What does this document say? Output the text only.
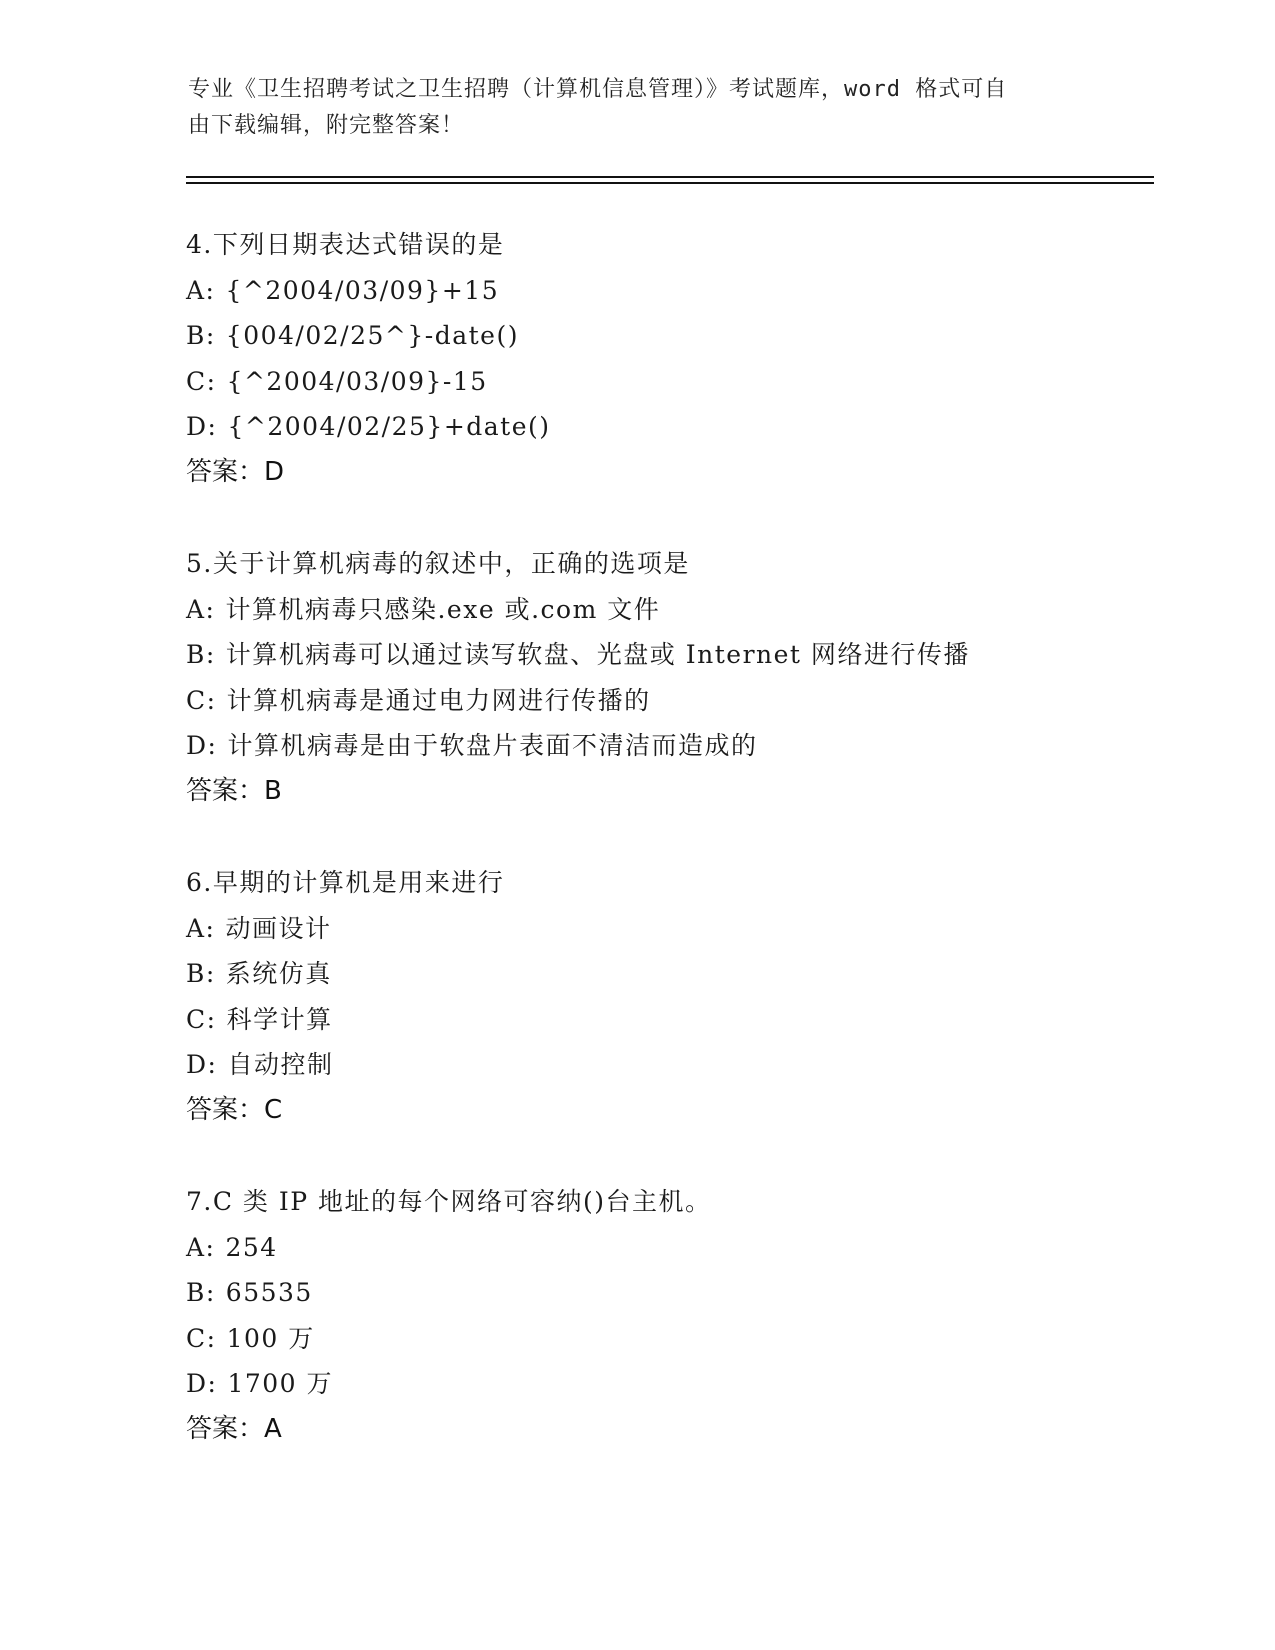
专业《卫生招聘考试之卫生招聘（计算机信息管理）》考试题库，word 格式可自
由下载编辑，附完整答案！
4.下列日期表达式错误的是
A: {^2004/03/09}+15
B: {004/02/25^}-date()
C: {^2004/03/09}-15
D: {^2004/02/25}+date()
答案：D
5.关于计算机病毒的叙述中，正确的选项是
A: 计算机病毒只感染.exe 或.com 文件
B: 计算机病毒可以通过读写软盘、光盘或 Internet 网络进行传播
C: 计算机病毒是通过电力网进行传播的
D: 计算机病毒是由于软盘片表面不清洁而造成的
答案：B
6.早期的计算机是用来进行
A: 动画设计
B: 系统仿真
C: 科学计算
D: 自动控制
答案：C
7.C 类 IP 地址的每个网络可容纳()台主机。
A: 254
B: 65535
C: 100 万
D: 1700 万
答案：A
